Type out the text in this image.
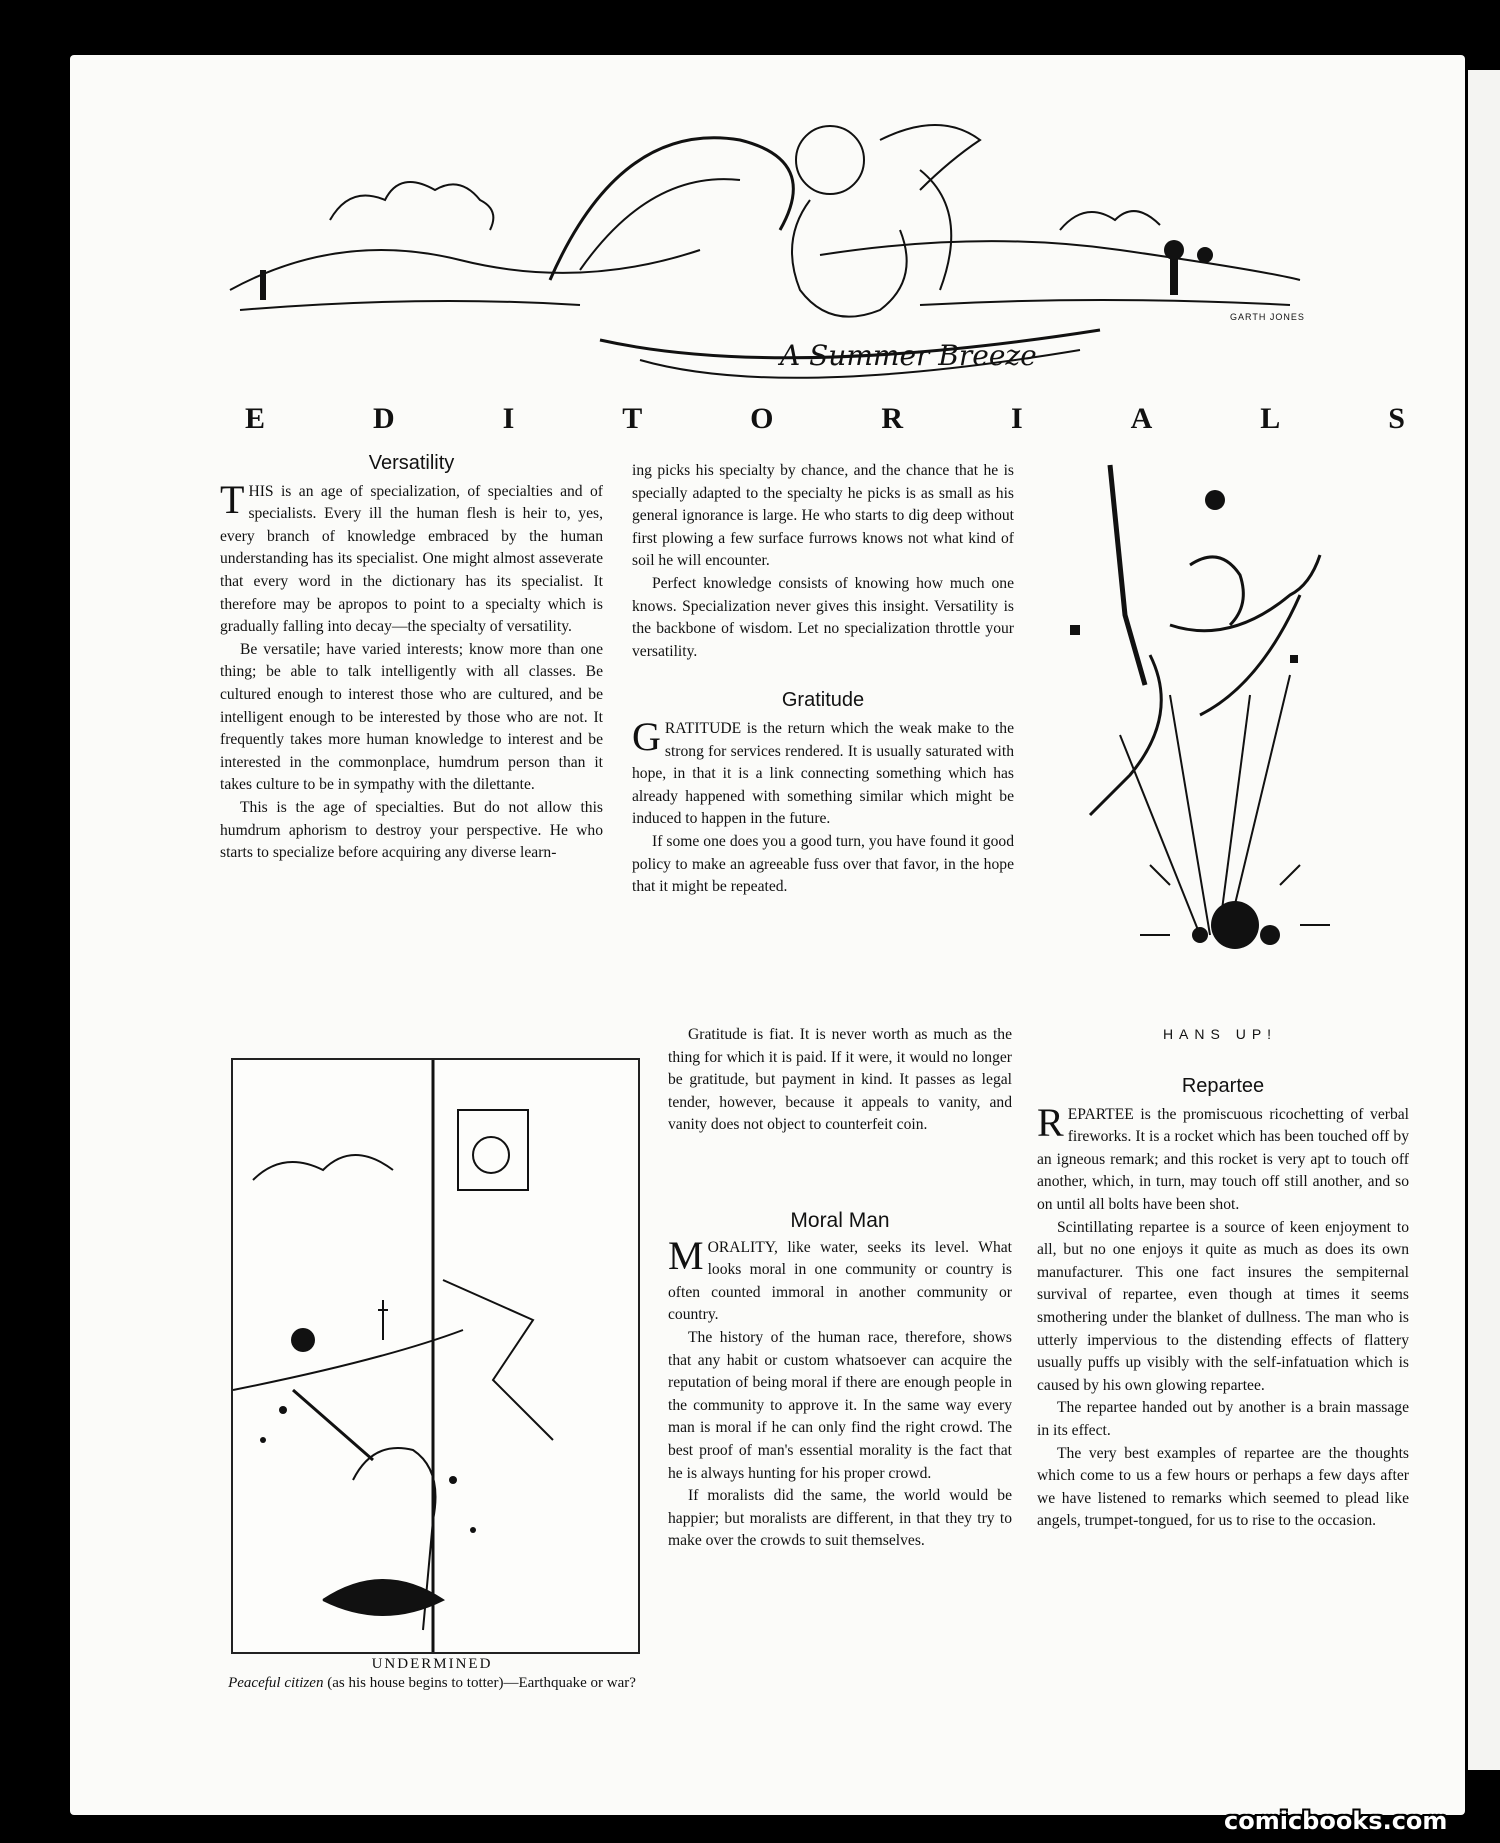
A Summer Breeze
GARTH JONES
E	D	I	T	O	R	I	A	L	S
Versatility

THIS is an age of specialization, of specialties and of specialists. Every ill the human flesh is heir to, yes, every branch of knowledge embraced by the human understanding has its specialist. One might almost asseverate that every word in the dictionary has its specialist. It therefore may be apropos to point to a specialty which is gradually falling into decay—the specialty of versatility.

Be versatile; have varied interests; know more than one thing; be able to talk intelligently with all classes. Be cultured enough to interest those who are cultured, and be intelligent enough to be interested by those who are not. It frequently takes more human knowledge to interest and be interested in the commonplace, humdrum person than it takes culture to be in sympathy with the dilettante.

This is the age of specialties. But do not allow this humdrum aphorism to destroy your perspective. He who starts to specialize before acquiring any diverse learn-

ing picks his specialty by chance, and the chance that he is specially adapted to the specialty he picks is as small as his general ignorance is large. He who starts to dig deep without first plowing a few surface furrows knows not what kind of soil he will encounter.

Perfect knowledge consists of knowing how much one knows. Specialization never gives this insight. Versatility is the backbone of wisdom. Let no specialization throttle your versatility.

Gratitude

GRATITUDE is the return which the weak make to the strong for services rendered. It is usually saturated with hope, in that it is a link connecting something which has already happened with something similar which might be induced to happen in the future.

If some one does you a good turn, you have found it good policy to make an agreeable fuss over that favor, in the hope that it might be repeated.

Gratitude is fiat. It is never worth as much as the thing for which it is paid. If it were, it would no longer be gratitude, but payment in kind. It passes as legal tender, however, because it appeals to vanity, and vanity does not object to counterfeit coin.

Moral Man

MORALITY, like water, seeks its level. What looks moral in one community or country is often counted immoral in another community or country.

The history of the human race, therefore, shows that any habit or custom whatsoever can acquire the reputation of being moral if there are enough people in the community to approve it. In the same way every man is moral if he can only find the right crowd. The best proof of man's essential morality is the fact that he is always hunting for his proper crowd.

If moralists did the same, the world would be happier; but moralists are different, in that they try to make over the crowds to suit themselves.

UNDERMINED
Peaceful citizen (as his house begins to totter)—Earthquake or war?
HANS UP!
Repartee

REPARTEE is the promiscuous ricochetting of verbal fireworks. It is a rocket which has been touched off by an igneous remark; and this rocket is very apt to touch off another, which, in turn, may touch off still another, and so on until all bolts have been shot.

Scintillating repartee is a source of keen enjoyment to all, but no one enjoys it quite as much as does its own manufacturer. This one fact insures the sempiternal survival of repartee, even though at times it seems smothering under the blanket of dullness. The man who is utterly impervious to the distending effects of flattery usually puffs up visibly with the self-infatuation which is caused by his own glowing repartee.

The repartee handed out by another is a brain massage in its effect.

The very best examples of repartee are the thoughts which come to us a few hours or perhaps a few days after we have listened to remarks which seemed to plead like angels, trumpet-tongued, for us to rise to the occasion.

comicbooks.com
